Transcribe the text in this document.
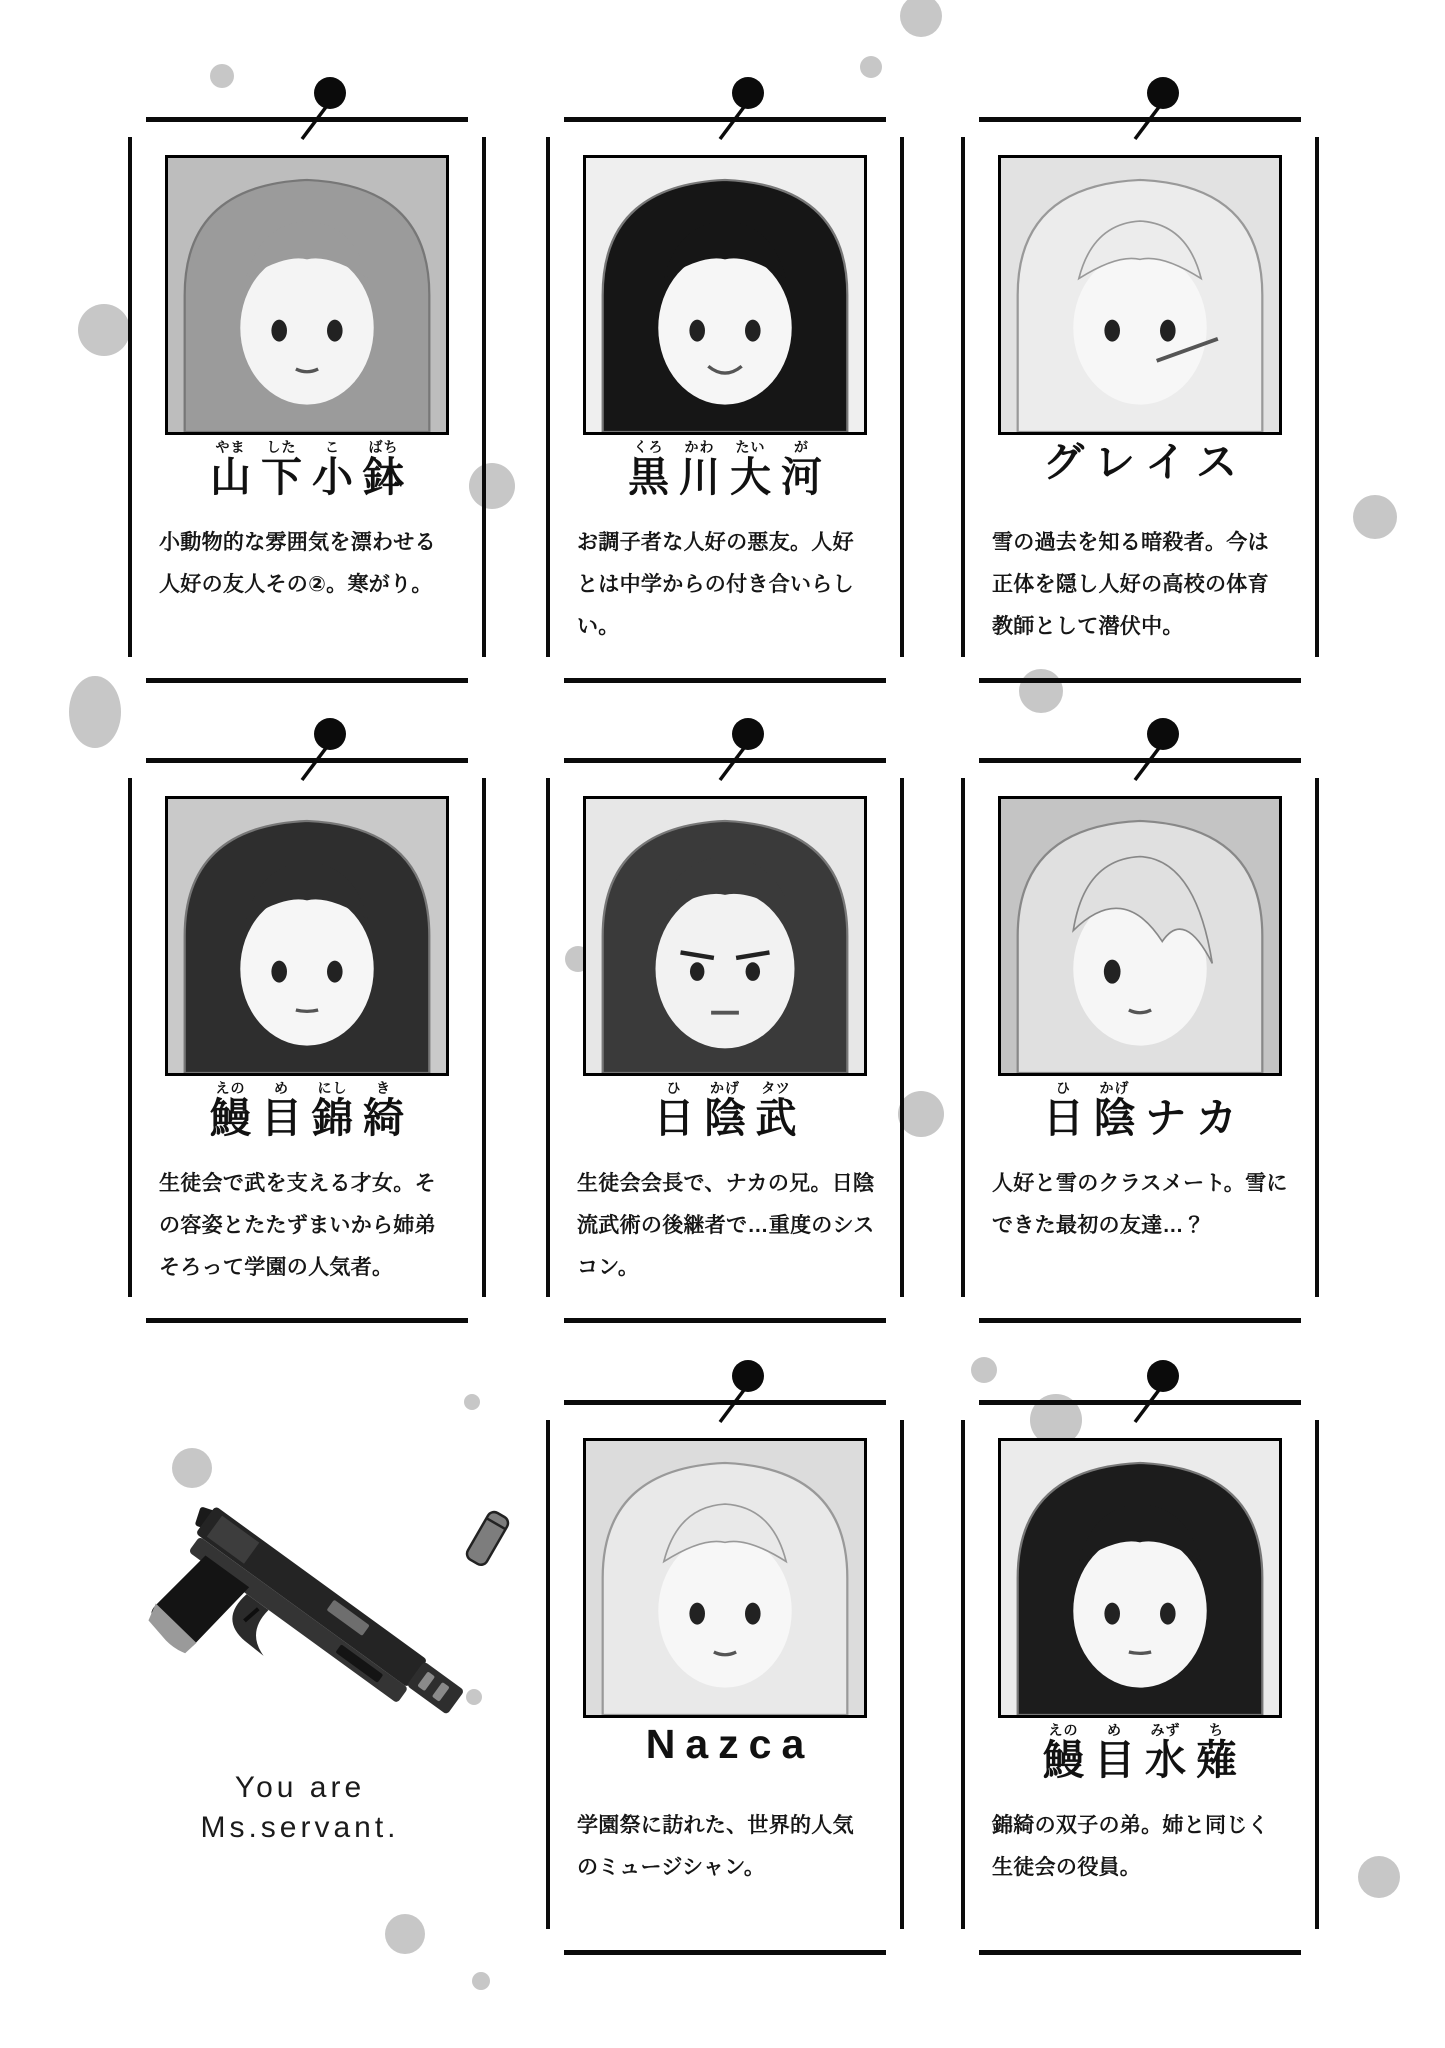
山やま下した小こ鉢ばち

小動物的な雰囲気を漂わせる人好の友人その②。寒がり。

黒くろ川かわ大たい河が

お調子者な人好の悪友。人好とは中学からの付き合いらしい。

グ レ イ ス

雪の過去を知る暗殺者。今は正体を隠し人好の高校の体育教師として潜伏中。

鰻えの目め錦にし綺き

生徒会で武を支える才女。その容姿とたたずまいから姉弟そろって学園の人気者。

日ひ陰かげ武タツ

生徒会会長で、ナカの兄。日陰流武術の後継者で…重度のシスコン。

日ひ陰かげナ カ

人好と雪のクラスメート。雪にできた最初の友達…？

You are
Ms.servant.
N a z c a

学園祭に訪れた、世界的人気のミュージシャン。

鰻えの目め水みず薙ち

錦綺の双子の弟。姉と同じく生徒会の役員。
